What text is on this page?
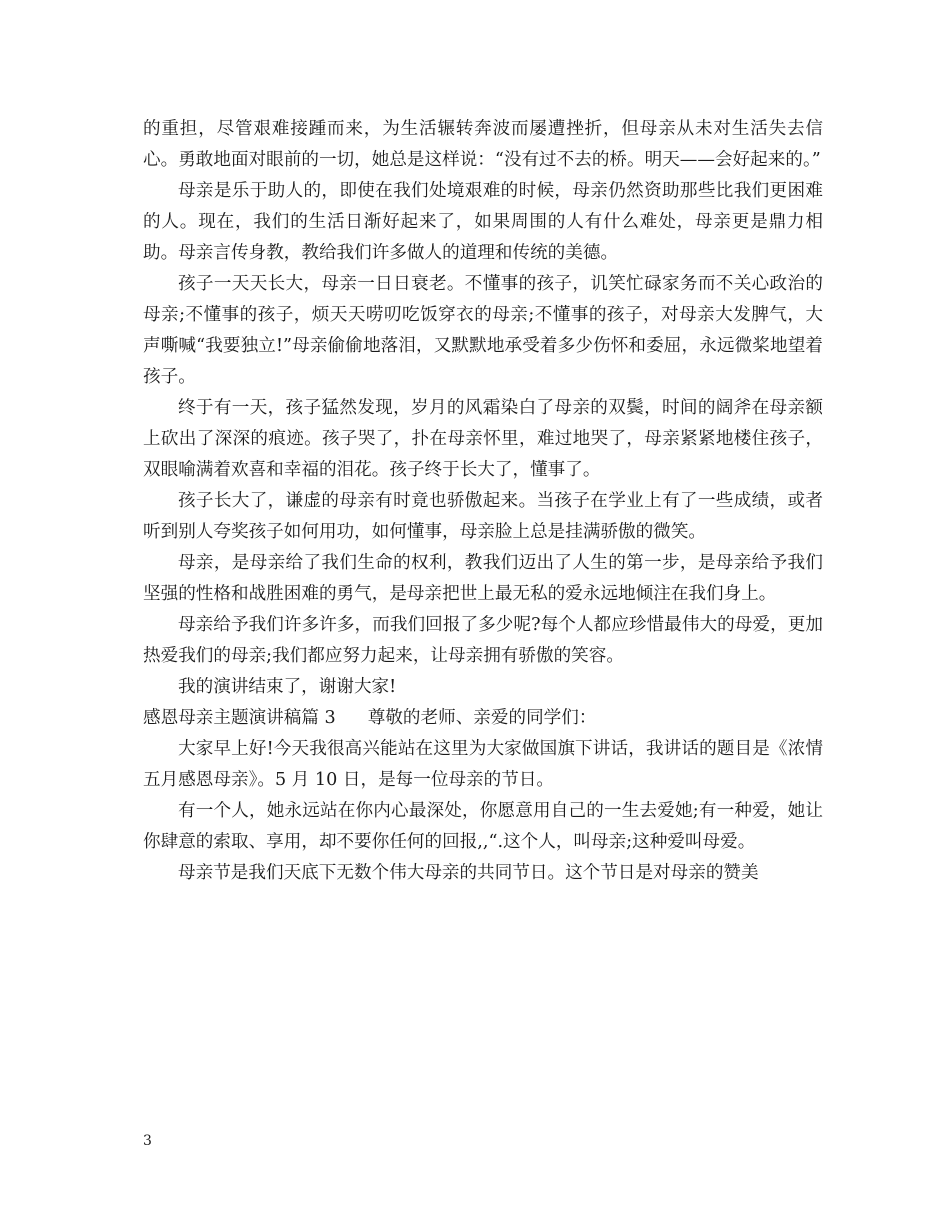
的重担，尽管艰难接踵而来，为生活辗转奔波而屡遭挫折，但母亲从未对生活失去信心。勇敢地面对眼前的一切，她总是这样说：“没有过不去的桥。明天——会好起来的。”

母亲是乐于助人的，即使在我们处境艰难的时候，母亲仍然资助那些比我们更困难的人。现在，我们的生活日渐好起来了，如果周围的人有什么难处，母亲更是鼎力相助。母亲言传身教，教给我们许多做人的道理和传统的美德。

孩子一天天长大，母亲一日日衰老。不懂事的孩子，讥笑忙碌家务而不关心政治的母亲;不懂事的孩子，烦天天唠叨吃饭穿衣的母亲;不懂事的孩子，对母亲大发脾气，大声嘶喊“我要独立!”母亲偷偷地落泪，又默默地承受着多少伤怀和委屈，永远微桨地望着孩子。

终于有一天，孩子猛然发现，岁月的风霜染白了母亲的双鬓，时间的阔斧在母亲额上砍出了深深的痕迹。孩子哭了，扑在母亲怀里，难过地哭了，母亲紧紧地楼住孩子，双眼喻满着欢喜和幸福的泪花。孩子终于长大了，懂事了。

孩子长大了，谦虚的母亲有时竟也骄傲起来。当孩子在学业上有了一些成绩，或者听到别人夸奖孩子如何用功，如何懂事，母亲脸上总是挂满骄傲的微笑。

母亲，是母亲给了我们生命的权利，教我们迈出了人生的第一步，是母亲给予我们坚强的性格和战胜困难的勇气，是母亲把世上最无私的爱永远地倾注在我们身上。

母亲给予我们许多许多，而我们回报了多少呢?每个人都应珍惜最伟大的母爱，更加热爱我们的母亲;我们都应努力起来，让母亲拥有骄傲的笑容。

我的演讲结束了，谢谢大家!

感恩母亲主题演讲稿篇 3 尊敬的老师、亲爱的同学们：

大家早上好!今天我很高兴能站在这里为大家做国旗下讲话，我讲话的题目是《浓情五月感恩母亲》。5 月 10 日，是每一位母亲的节日。

有一个人，她永远站在你内心最深处，你愿意用自己的一生去爱她;有一种爱，她让你肆意的索取、享用，却不要你任何的回报,,“.这个人，叫母亲;这种爱叫母爱。

母亲节是我们天底下无数个伟大母亲的共同节日。这个节日是对母亲的赞美

3
